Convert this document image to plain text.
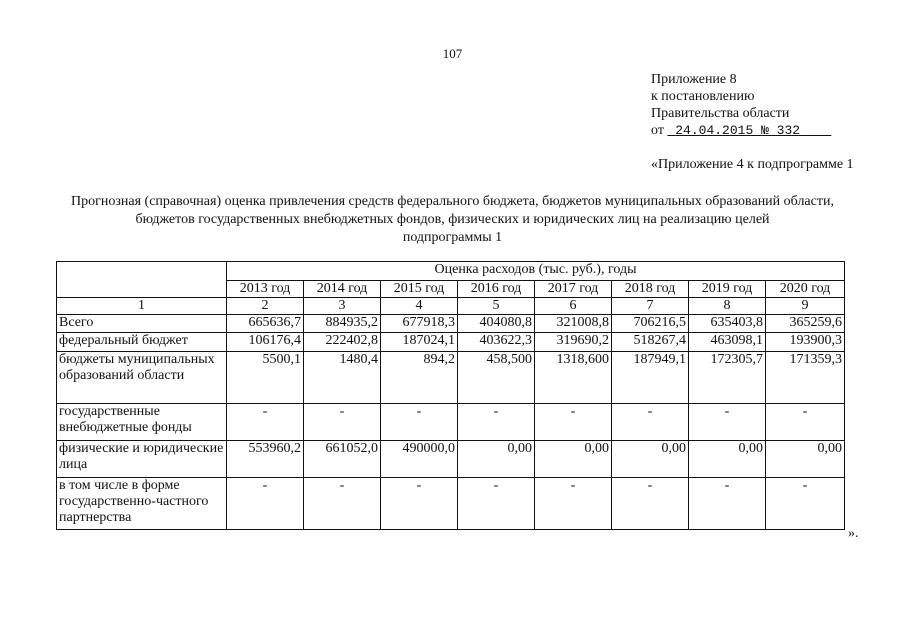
107
Приложение 8
к постановлению
Правительства области
от 24.04.2015 № 332
«Приложение 4 к подпрограмме 1
Прогнозная (справочная) оценка привлечения средств федерального бюджета, бюджетов муниципальных образований области,
бюджетов государственных внебюджетных фондов, физических и юридических лиц на реализацию целей
подпрограммы 1
	Оценка расходов (тыс. руб.), годы							
	2013 год	2014 год	2015 год	2016 год	2017 год	2018 год	2019 год	2020 год
1	2	3	4	5	6	7	8	9
Всего	665636,7	884935,2	677918,3	404080,8	321008,8	706216,5	635403,8	365259,6
федеральный бюджет	106176,4	222402,8	187024,1	403622,3	319690,2	518267,4	463098,1	193900,3
бюджеты муниципальных образований области	5500,1	1480,4	894,2	458,500	1318,600	187949,1	172305,7	171359,3
государственные внебюджетные фонды	-	-	-	-	-	-	-	-
физические и юридические лица	553960,2	661052,0	490000,0	0,00	0,00	0,00	0,00	0,00
в том числе в форме государственно-частного партнерства	-	-	-	-	-	-	-	-
».
